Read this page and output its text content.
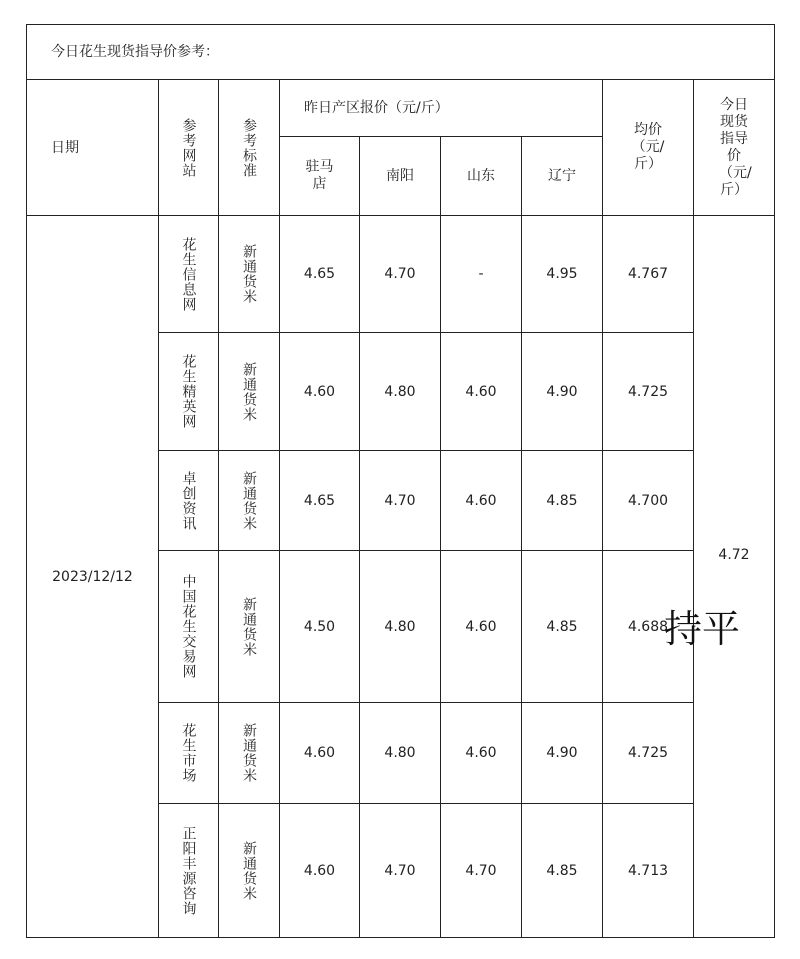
今日花生现货指导价参考：
日期	参考网站	参考标准
昨日产区报价（元/斤）
驻马店	南阳	山东	辽宁
均价（元/斤）
今日现货指导价（元/斤）
2023/12/12
4.72
花生信息网	新通货米	4.65	4.70	-	4.95	4.767
花生精英网	新通货米	4.60	4.80	4.60	4.90	4.725
卓创资讯	新通货米	4.65	4.70	4.60	4.85	4.700
中国花生交易网	新通货米	4.50	4.80	4.60	4.85	4.688
花生市场	新通货米	4.60	4.80	4.60	4.90	4.725
正阳丰源咨询	新通货米	4.60	4.70	4.70	4.85	4.713
持平
